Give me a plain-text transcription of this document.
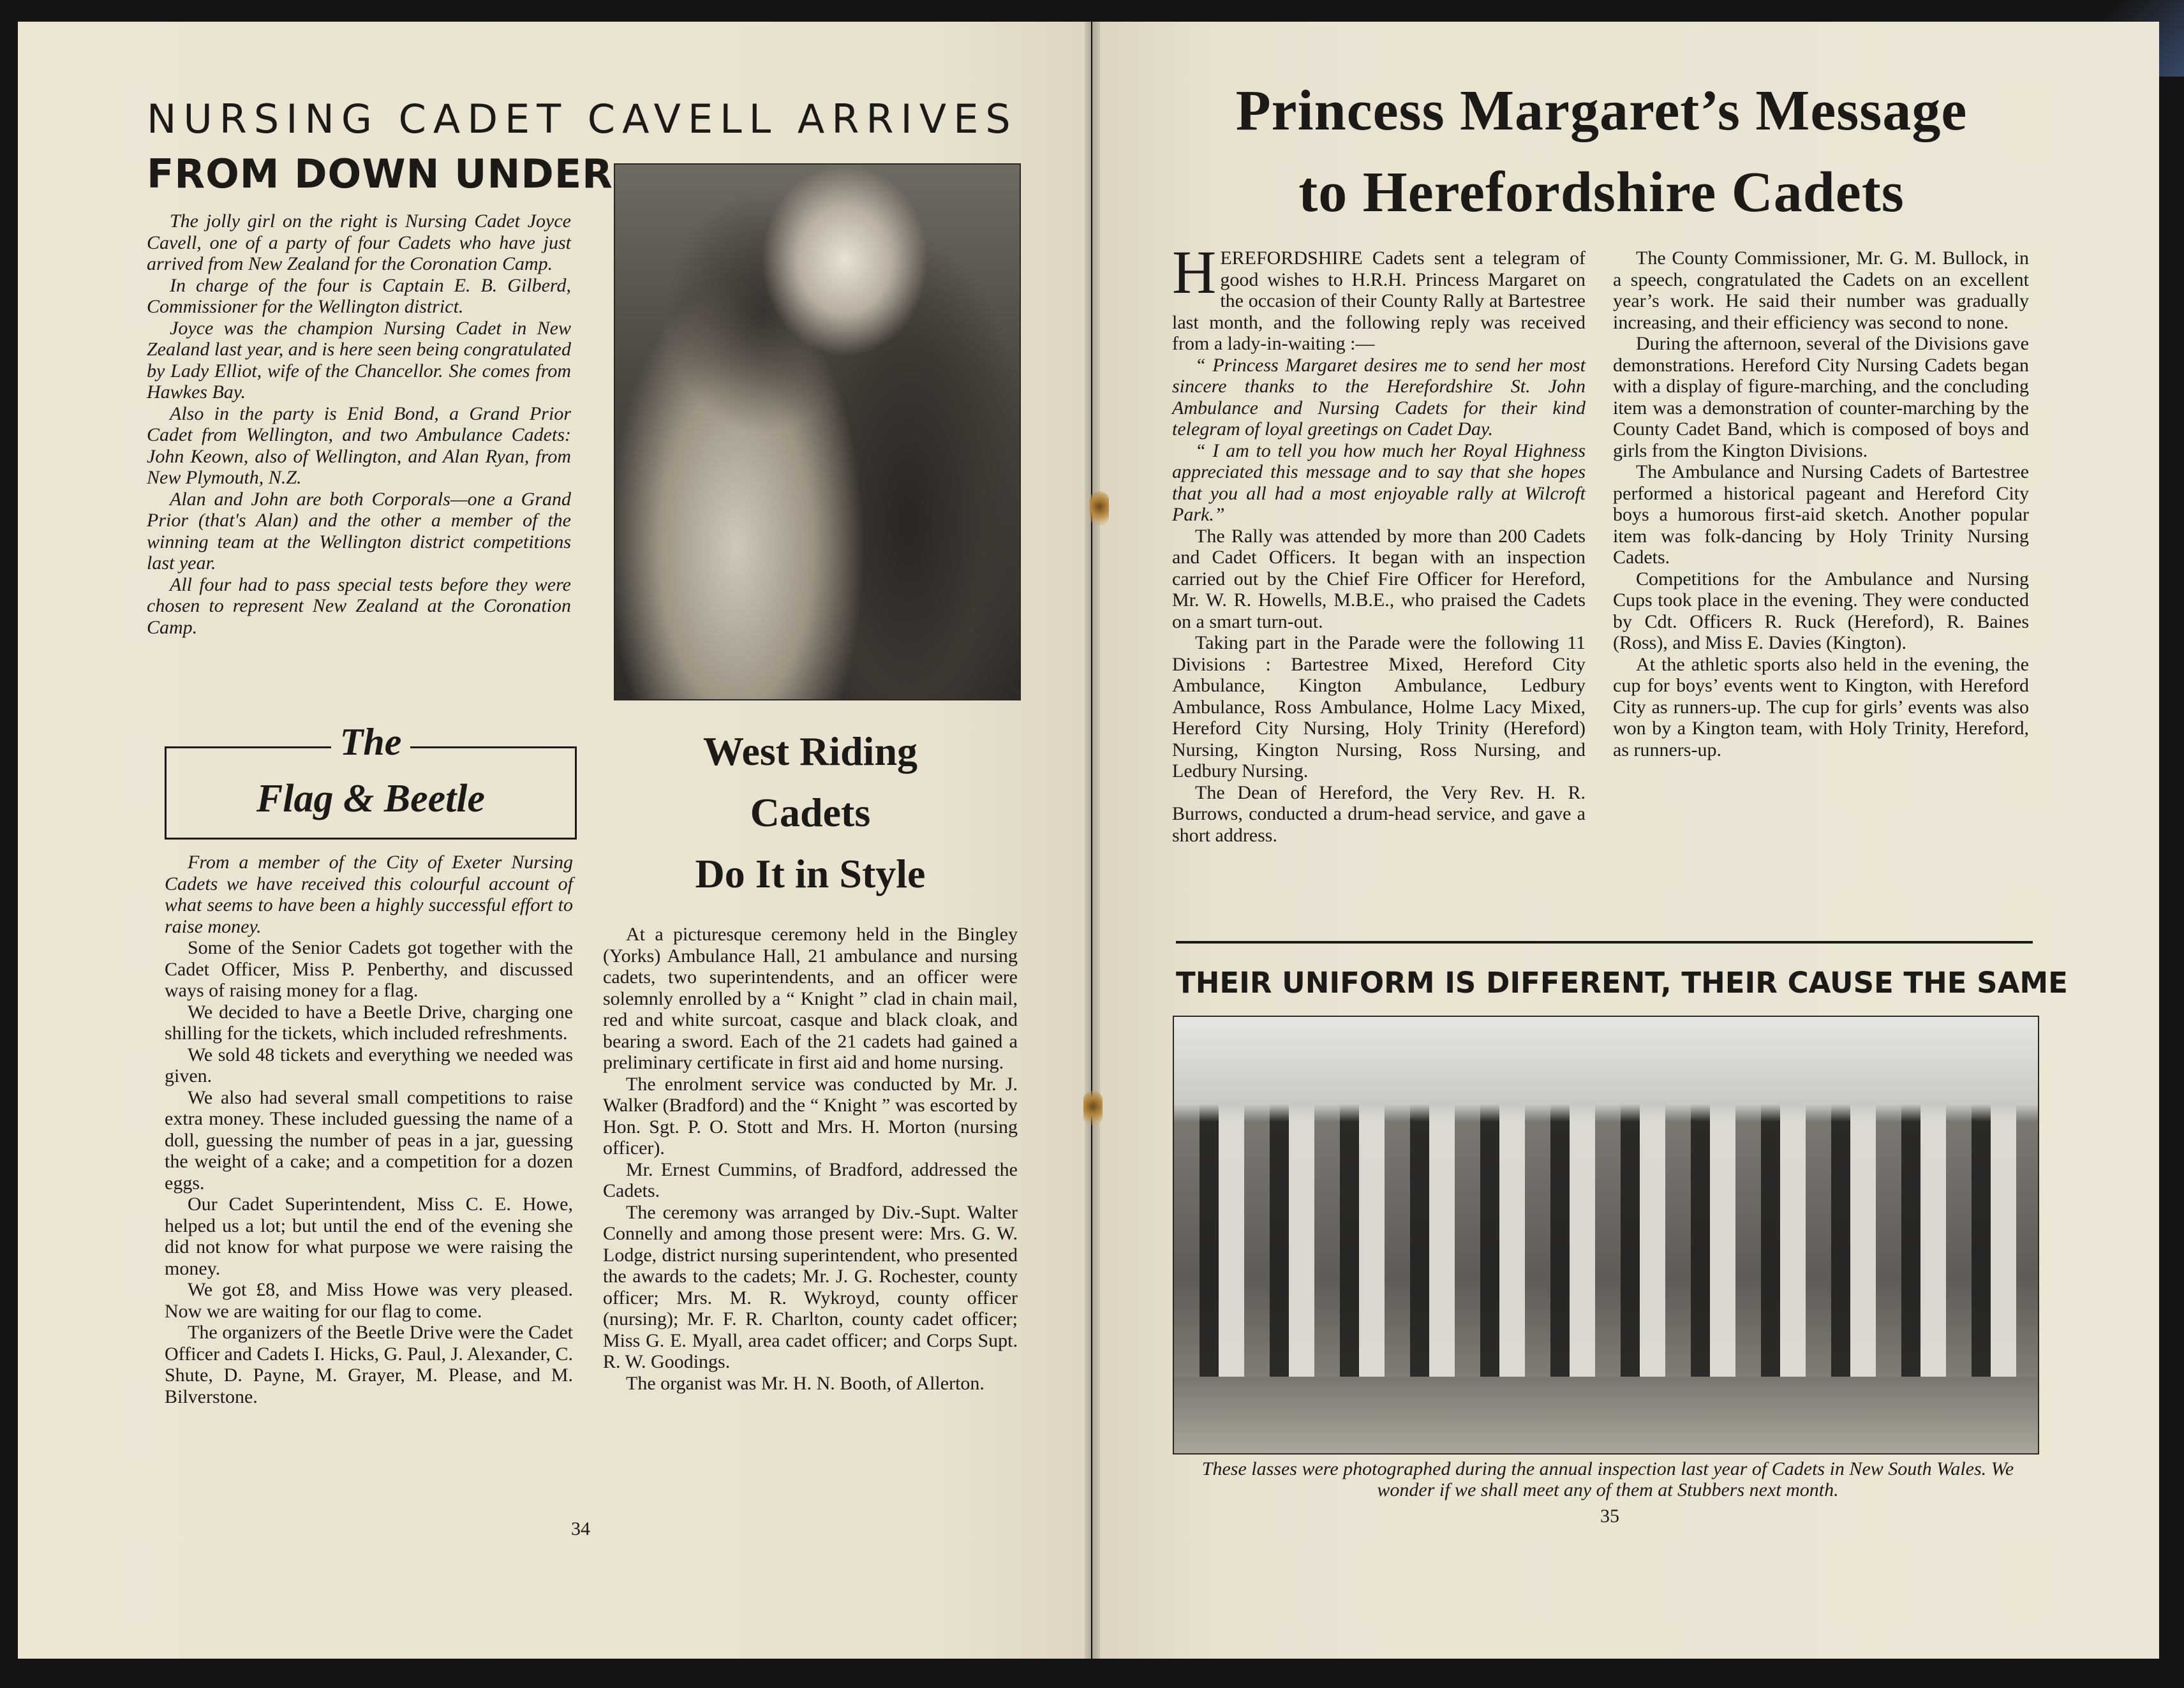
NURSING CADET CAVELL ARRIVES
FROM DOWN UNDER

The jolly girl on the right is Nursing Cadet Joyce Cavell, one of a party of four Cadets who have just arrived from New Zealand for the Coronation Camp.

In charge of the four is Captain E. B. Gilberd, Commissioner for the Wellington district.

Joyce was the champion Nursing Cadet in New Zealand last year, and is here seen being congratulated by Lady Elliot, wife of the Chancellor. She comes from Hawkes Bay.

Also in the party is Enid Bond, a Grand Prior Cadet from Wellington, and two Ambulance Cadets: John Keown, also of Wellington, and Alan Ryan, from New Plymouth, N.Z.

Alan and John are both Corporals—one a Grand Prior (that's Alan) and the other a member of the winning team at the Wellington district competitions last year.

All four had to pass special tests before they were chosen to represent New Zealand at the Coronation Camp.

The
Flag & Beetle

From a member of the City of Exeter Nursing Cadets we have received this colourful account of what seems to have been a highly successful effort to raise money.

Some of the Senior Cadets got together with the Cadet Officer, Miss P. Penberthy, and discussed ways of raising money for a flag.

We decided to have a Beetle Drive, charging one shilling for the tickets, which included refreshments.

We sold 48 tickets and everything we needed was given.

We also had several small competitions to raise extra money. These included guessing the name of a doll, guessing the number of peas in a jar, guessing the weight of a cake; and a competition for a dozen eggs.

Our Cadet Superintendent, Miss C. E. Howe, helped us a lot; but until the end of the evening she did not know for what purpose we were raising the money.

We got £8, and Miss Howe was very pleased. Now we are waiting for our flag to come.

The organizers of the Beetle Drive were the Cadet Officer and Cadets I. Hicks, G. Paul, J. Alexander, C. Shute, D. Payne, M. Grayer, M. Please, and M. Bilverstone.

West Riding
Cadets
Do It in Style

At a picturesque ceremony held in the Bingley (Yorks) Ambulance Hall, 21 ambulance and nursing cadets, two superintendents, and an officer were solemnly enrolled by a “ Knight ” clad in chain mail, red and white surcoat, casque and black cloak, and bearing a sword. Each of the 21 cadets had gained a preliminary certificate in first aid and home nursing.

The enrolment service was conducted by Mr. J. Walker (Bradford) and the “ Knight ” was escorted by Hon. Sgt. P. O. Stott and Mrs. H. Morton (nursing officer).

Mr. Ernest Cummins, of Bradford, addressed the Cadets.

The ceremony was arranged by Div.-Supt. Walter Connelly and among those present were: Mrs. G. W. Lodge, district nursing superintendent, who presented the awards to the cadets; Mr. J. G. Rochester, county officer; Mrs. M. R. Wykroyd, county officer (nursing); Mr. F. R. Charlton, county cadet officer; Miss G. E. Myall, area cadet officer; and Corps Supt. R. W. Goodings.

The organist was Mr. H. N. Booth, of Allerton.

34
Princess Margaret’s Message
to Herefordshire Cadets

HEREFORDSHIRE Cadets sent a telegram of good wishes to H.R.H. Princess Margaret on the occasion of their County Rally at Bartestree last month, and the following reply was received from a lady-in-waiting :—

“ Princess Margaret desires me to send her most sincere thanks to the Herefordshire St. John Ambulance and Nursing Cadets for their kind telegram of loyal greetings on Cadet Day.

“ I am to tell you how much her Royal Highness appreciated this message and to say that she hopes that you all had a most enjoyable rally at Wilcroft Park.”

The Rally was attended by more than 200 Cadets and Cadet Officers. It began with an inspection carried out by the Chief Fire Officer for Hereford, Mr. W. R. Howells, M.B.E., who praised the Cadets on a smart turn-out.

Taking part in the Parade were the following 11 Divisions : Bartestree Mixed, Hereford City Ambulance, Kington Ambulance, Ledbury Ambulance, Ross Ambulance, Holme Lacy Mixed, Hereford City Nursing, Holy Trinity (Hereford) Nursing, Kington Nursing, Ross Nursing, and Ledbury Nursing.

The Dean of Hereford, the Very Rev. H. R. Burrows, conducted a drum-head service, and gave a short address.

The County Commissioner, Mr. G. M. Bullock, in a speech, congratulated the Cadets on an excellent year’s work. He said their number was gradually increasing, and their efficiency was second to none.

During the afternoon, several of the Divisions gave demonstrations. Hereford City Nursing Cadets began with a display of figure-marching, and the concluding item was a demonstration of counter-marching by the County Cadet Band, which is composed of boys and girls from the Kington Divisions.

The Ambulance and Nursing Cadets of Bartestree performed a historical pageant and Hereford City boys a humorous first-aid sketch. Another popular item was folk-dancing by Holy Trinity Nursing Cadets.

Competitions for the Ambulance and Nursing Cups took place in the evening. They were conducted by Cdt. Officers R. Ruck (Hereford), R. Baines (Ross), and Miss E. Davies (Kington).

At the athletic sports also held in the evening, the cup for boys’ events went to Kington, with Hereford City as runners-up. The cup for girls’ events was also won by a Kington team, with Holy Trinity, Hereford, as runners-up.

THEIR UNIFORM IS DIFFERENT, THEIR CAUSE THE SAME
These lasses were photographed during the annual inspection last year of Cadets in New South Wales. We wonder if we shall meet any of them at Stubbers next month.
35
